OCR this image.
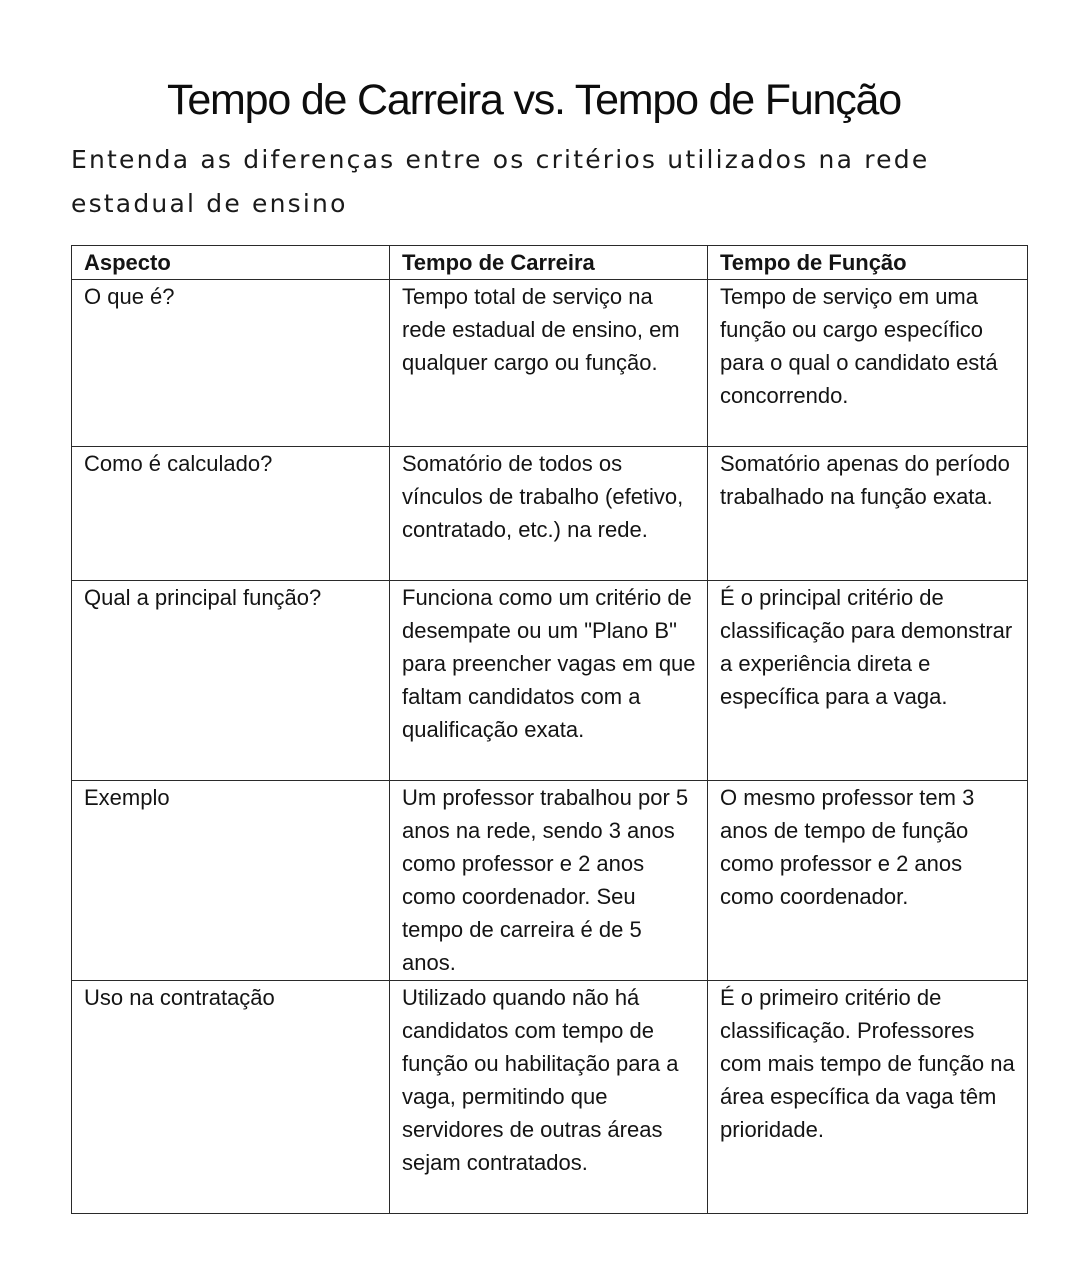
Tempo de Carreira vs. Tempo de Função

Entenda as diferenças entre os critérios utilizados na rede estadual de ensino

Aspecto	Tempo de Carreira	Tempo de Função
O que é?	Tempo total de serviço na rede estadual de ensino, em qualquer cargo ou função.	Tempo de serviço em uma função ou cargo específico para o qual o candidato está concorrendo.
Como é calculado?	Somatório de todos os vínculos de trabalho (efetivo, contratado, etc.) na rede.	Somatório apenas do período trabalhado na função exata.
Qual a principal função?	Funciona como um critério de desempate ou um "Plano B" para preencher vagas em que faltam candidatos com a qualificação exata.	É o principal critério de classificação para demonstrar a experiência direta e específica para a vaga.
Exemplo	Um professor trabalhou por 5 anos na rede, sendo 3 anos como professor e 2 anos como coordenador. Seu tempo de carreira é de 5 anos.	O mesmo professor tem 3 anos de tempo de função como professor e 2 anos como coordenador.
Uso na contratação	Utilizado quando não há candidatos com tempo de função ou habilitação para a vaga, permitindo que servidores de outras áreas sejam contratados.	É o primeiro critério de classificação. Professores com mais tempo de função na área específica da vaga têm prioridade.
